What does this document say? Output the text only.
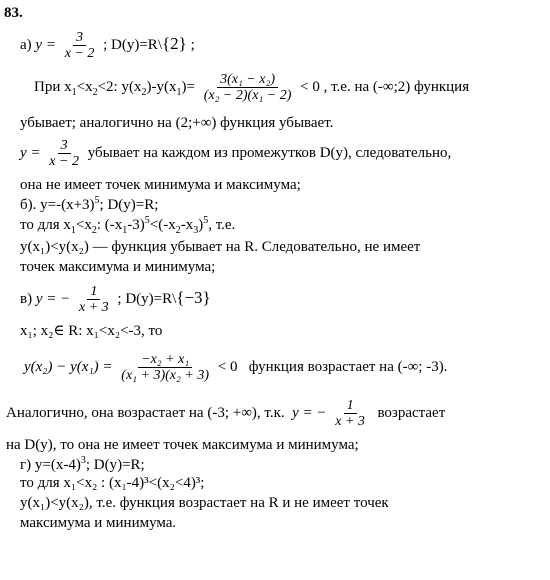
83.
а) $y = \frac{3}{x - 2}$ ; D(y)=R\{2} ;
При $x_1<x_2<2$: $y(x_2)-y(x_1)= \frac{\text{3(x₁ − x₂)}}{\text{(x₂ − 2)(x₁ − 2)}} < 0$ , т.е. на (-∞;2) функция
убывает; аналогично на (2;+∞) функция убывает.
$y = \frac{3}{x - 2}$ убывает на каждом из промежутков D(y), следовательно,
она не имеет точек минимума и максимума;
б). $y=-(x+3)^5$; D(y)=R;
то для $x_1<x_2$: $(-x_1-3)^5<(-x_2-x_3)^5$, т.е.
y(x₁)<y(x₂) — функция убывает на R. Следовательно, не имеет
точек максимума и минимума;
в) y = − $\frac{1}{x + 3}$ ; D(y)=R\{−3}
x₁; x₂∈ R: x₁<x₂<-3, то
$y(x_2) - y(x_1) = \frac{\text{−x₂ + x₁}}{\text{(x₁ + 3)(x₂ + 3)}} < 0$ функция возрастает на (-∞; -3).
Аналогично, она возрастает на (-3; +∞), т.к. y = − $\frac{1}{x + 3}$ возрастает
на D(y), то она не имеет точек максимума и минимума;
г) $y=(x-4)^3$; D(y)=R;
то для x₁<x₂ : (x₁-4)³<(x₂<4)³;
y(x₁)<y(x₂), т.е. функция возрастает на R и не имеет точек
максимума и минимума.
